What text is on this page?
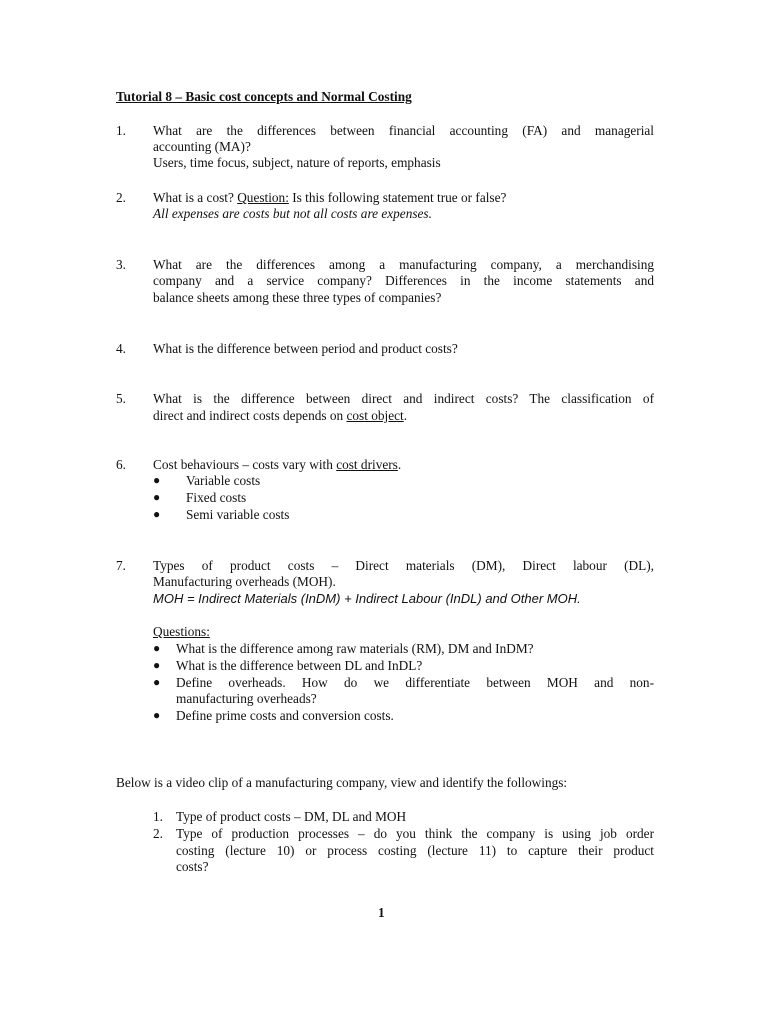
Tutorial 8 – Basic cost concepts and Normal Costing
1. What are the differences between financial accounting (FA) and managerial
accounting (MA)?
Users, time focus, subject, nature of reports, emphasis
2. What is a cost? Question: Is this following statement true or false?
All expenses are costs but not all costs are expenses.
3. What are the differences among a manufacturing company, a merchandising
company and a service company? Differences in the income statements and
balance sheets among these three types of companies?
4. What is the difference between period and product costs?
5. What is the difference between direct and indirect costs? The classification of
direct and indirect costs depends on cost object.
6. Cost behaviours – costs vary with cost drivers.
● Variable costs
● Fixed costs
● Semi variable costs
7. Types of product costs – Direct materials (DM), Direct labour (DL),
Manufacturing overheads (MOH).
MOH = Indirect Materials (InDM) + Indirect Labour (InDL) and Other MOH.
Questions:
● What is the difference among raw materials (RM), DM and InDM?
● What is the difference between DL and InDL?
● Define overheads. How do we differentiate between MOH and non-
manufacturing overheads?
● Define prime costs and conversion costs.
Below is a video clip of a manufacturing company, view and identify the followings:
1. Type of product costs – DM, DL and MOH
2. Type of production processes – do you think the company is using job order
costing (lecture 10) or process costing (lecture 11) to capture their product
costs?
1
